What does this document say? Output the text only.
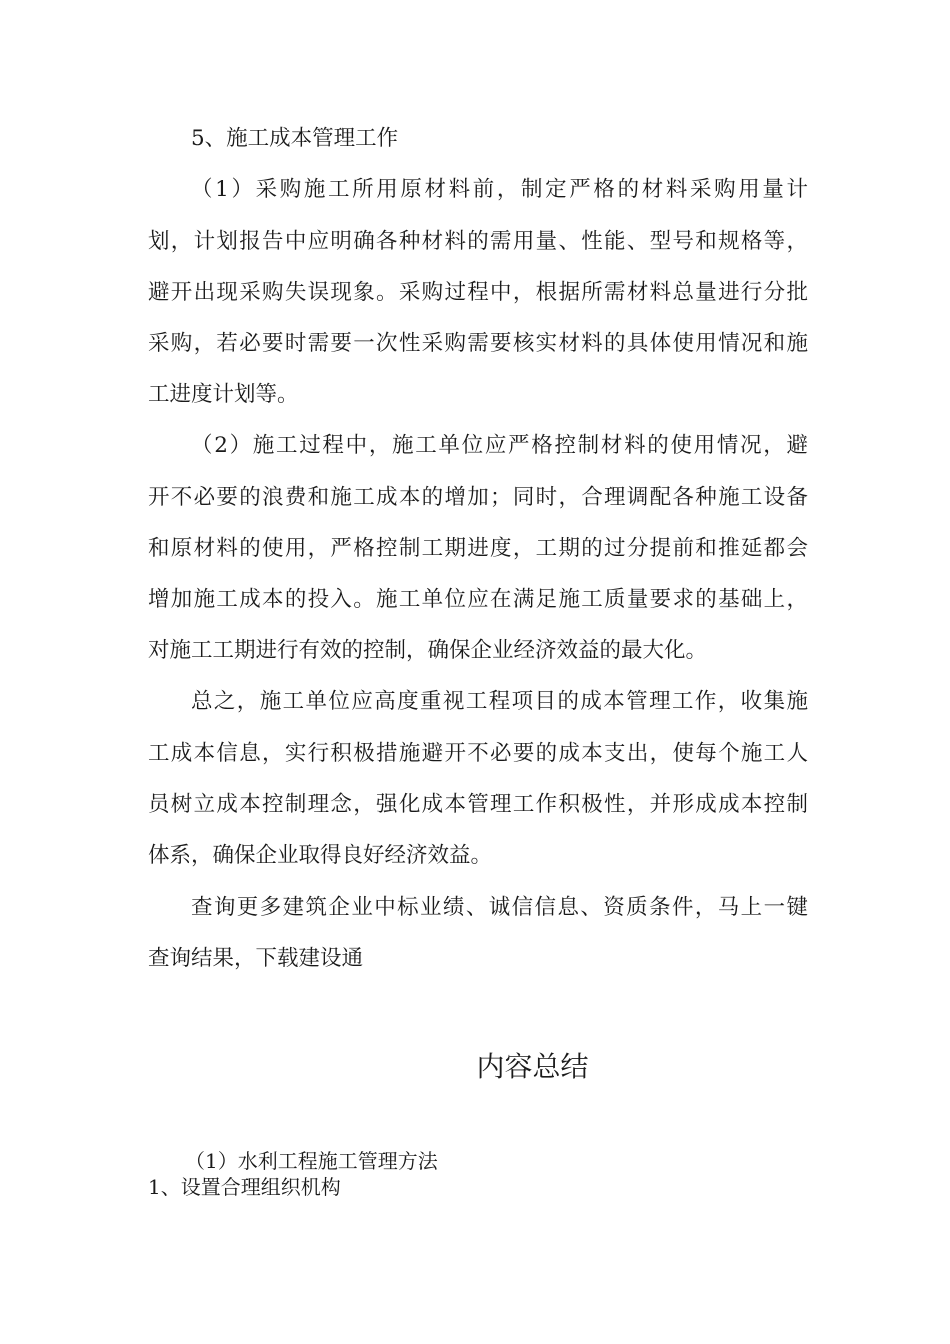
5、施工成本管理工作
（1）采购施工所用原材料前，制定严格的材料采购用量计
划，计划报告中应明确各种材料的需用量、性能、型号和规格等，
避开出现采购失误现象。采购过程中，根据所需材料总量进行分批
采购，若必要时需要一次性采购需要核实材料的具体使用情况和施
工进度计划等。
（2）施工过程中，施工单位应严格控制材料的使用情况，避
开不必要的浪费和施工成本的增加；同时，合理调配各种施工设备
和原材料的使用，严格控制工期进度，工期的过分提前和推延都会
增加施工成本的投入。施工单位应在满足施工质量要求的基础上，
对施工工期进行有效的控制，确保企业经济效益的最大化。
总之，施工单位应高度重视工程项目的成本管理工作，收集施
工成本信息，实行积极措施避开不必要的成本支出，使每个施工人
员树立成本控制理念，强化成本管理工作积极性，并形成成本控制
体系，确保企业取得良好经济效益。
查询更多建筑企业中标业绩、诚信信息、资质条件，马上一键
查询结果，下载建设通
内容总结
（1）水利工程施工管理方法
1、设置合理组织机构
